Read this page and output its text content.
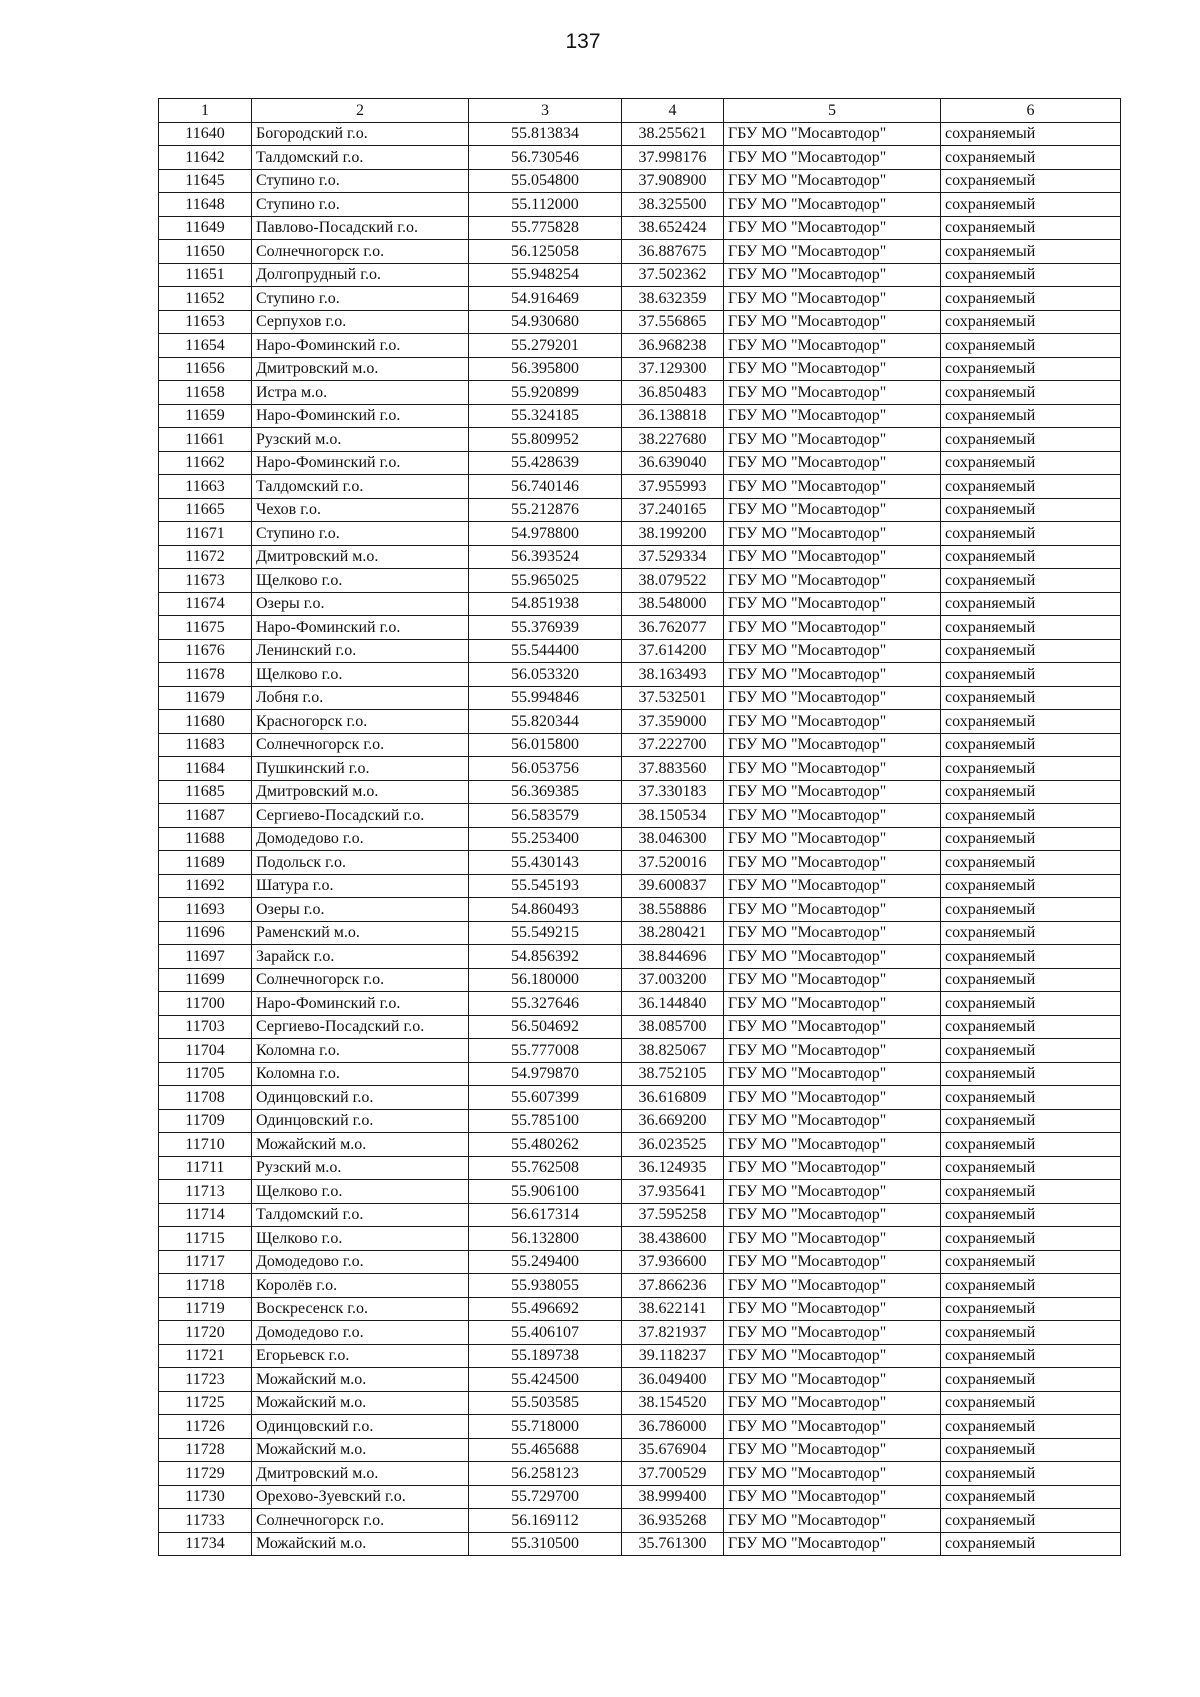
137
1	2	3	4	5	6
11640	Богородский г.о.	55.813834	38.255621	ГБУ МО "Мосавтодор"	сохраняемый
11642	Талдомский г.о.	56.730546	37.998176	ГБУ МО "Мосавтодор"	сохраняемый
11645	Ступино г.о.	55.054800	37.908900	ГБУ МО "Мосавтодор"	сохраняемый
11648	Ступино г.о.	55.112000	38.325500	ГБУ МО "Мосавтодор"	сохраняемый
11649	Павлово-Посадский г.о.	55.775828	38.652424	ГБУ МО "Мосавтодор"	сохраняемый
11650	Солнечногорск г.о.	56.125058	36.887675	ГБУ МО "Мосавтодор"	сохраняемый
11651	Долгопрудный г.о.	55.948254	37.502362	ГБУ МО "Мосавтодор"	сохраняемый
11652	Ступино г.о.	54.916469	38.632359	ГБУ МО "Мосавтодор"	сохраняемый
11653	Серпухов г.о.	54.930680	37.556865	ГБУ МО "Мосавтодор"	сохраняемый
11654	Наро-Фоминский г.о.	55.279201	36.968238	ГБУ МО "Мосавтодор"	сохраняемый
11656	Дмитровский м.о.	56.395800	37.129300	ГБУ МО "Мосавтодор"	сохраняемый
11658	Истра м.о.	55.920899	36.850483	ГБУ МО "Мосавтодор"	сохраняемый
11659	Наро-Фоминский г.о.	55.324185	36.138818	ГБУ МО "Мосавтодор"	сохраняемый
11661	Рузский м.о.	55.809952	38.227680	ГБУ МО "Мосавтодор"	сохраняемый
11662	Наро-Фоминский г.о.	55.428639	36.639040	ГБУ МО "Мосавтодор"	сохраняемый
11663	Талдомский г.о.	56.740146	37.955993	ГБУ МО "Мосавтодор"	сохраняемый
11665	Чехов г.о.	55.212876	37.240165	ГБУ МО "Мосавтодор"	сохраняемый
11671	Ступино г.о.	54.978800	38.199200	ГБУ МО "Мосавтодор"	сохраняемый
11672	Дмитровский м.о.	56.393524	37.529334	ГБУ МО "Мосавтодор"	сохраняемый
11673	Щелково г.о.	55.965025	38.079522	ГБУ МО "Мосавтодор"	сохраняемый
11674	Озеры г.о.	54.851938	38.548000	ГБУ МО "Мосавтодор"	сохраняемый
11675	Наро-Фоминский г.о.	55.376939	36.762077	ГБУ МО "Мосавтодор"	сохраняемый
11676	Ленинский г.о.	55.544400	37.614200	ГБУ МО "Мосавтодор"	сохраняемый
11678	Щелково г.о.	56.053320	38.163493	ГБУ МО "Мосавтодор"	сохраняемый
11679	Лобня г.о.	55.994846	37.532501	ГБУ МО "Мосавтодор"	сохраняемый
11680	Красногорск г.о.	55.820344	37.359000	ГБУ МО "Мосавтодор"	сохраняемый
11683	Солнечногорск г.о.	56.015800	37.222700	ГБУ МО "Мосавтодор"	сохраняемый
11684	Пушкинский г.о.	56.053756	37.883560	ГБУ МО "Мосавтодор"	сохраняемый
11685	Дмитровский м.о.	56.369385	37.330183	ГБУ МО "Мосавтодор"	сохраняемый
11687	Сергиево-Посадский г.о.	56.583579	38.150534	ГБУ МО "Мосавтодор"	сохраняемый
11688	Домодедово г.о.	55.253400	38.046300	ГБУ МО "Мосавтодор"	сохраняемый
11689	Подольск г.о.	55.430143	37.520016	ГБУ МО "Мосавтодор"	сохраняемый
11692	Шатура г.о.	55.545193	39.600837	ГБУ МО "Мосавтодор"	сохраняемый
11693	Озеры г.о.	54.860493	38.558886	ГБУ МО "Мосавтодор"	сохраняемый
11696	Раменский м.о.	55.549215	38.280421	ГБУ МО "Мосавтодор"	сохраняемый
11697	Зарайск г.о.	54.856392	38.844696	ГБУ МО "Мосавтодор"	сохраняемый
11699	Солнечногорск г.о.	56.180000	37.003200	ГБУ МО "Мосавтодор"	сохраняемый
11700	Наро-Фоминский г.о.	55.327646	36.144840	ГБУ МО "Мосавтодор"	сохраняемый
11703	Сергиево-Посадский г.о.	56.504692	38.085700	ГБУ МО "Мосавтодор"	сохраняемый
11704	Коломна г.о.	55.777008	38.825067	ГБУ МО "Мосавтодор"	сохраняемый
11705	Коломна г.о.	54.979870	38.752105	ГБУ МО "Мосавтодор"	сохраняемый
11708	Одинцовский г.о.	55.607399	36.616809	ГБУ МО "Мосавтодор"	сохраняемый
11709	Одинцовский г.о.	55.785100	36.669200	ГБУ МО "Мосавтодор"	сохраняемый
11710	Можайский м.о.	55.480262	36.023525	ГБУ МО "Мосавтодор"	сохраняемый
11711	Рузский м.о.	55.762508	36.124935	ГБУ МО "Мосавтодор"	сохраняемый
11713	Щелково г.о.	55.906100	37.935641	ГБУ МО "Мосавтодор"	сохраняемый
11714	Талдомский г.о.	56.617314	37.595258	ГБУ МО "Мосавтодор"	сохраняемый
11715	Щелково г.о.	56.132800	38.438600	ГБУ МО "Мосавтодор"	сохраняемый
11717	Домодедово г.о.	55.249400	37.936600	ГБУ МО "Мосавтодор"	сохраняемый
11718	Королёв г.о.	55.938055	37.866236	ГБУ МО "Мосавтодор"	сохраняемый
11719	Воскресенск г.о.	55.496692	38.622141	ГБУ МО "Мосавтодор"	сохраняемый
11720	Домодедово г.о.	55.406107	37.821937	ГБУ МО "Мосавтодор"	сохраняемый
11721	Егорьевск г.о.	55.189738	39.118237	ГБУ МО "Мосавтодор"	сохраняемый
11723	Можайский м.о.	55.424500	36.049400	ГБУ МО "Мосавтодор"	сохраняемый
11725	Можайский м.о.	55.503585	38.154520	ГБУ МО "Мосавтодор"	сохраняемый
11726	Одинцовский г.о.	55.718000	36.786000	ГБУ МО "Мосавтодор"	сохраняемый
11728	Можайский м.о.	55.465688	35.676904	ГБУ МО "Мосавтодор"	сохраняемый
11729	Дмитровский м.о.	56.258123	37.700529	ГБУ МО "Мосавтодор"	сохраняемый
11730	Орехово-Зуевский г.о.	55.729700	38.999400	ГБУ МО "Мосавтодор"	сохраняемый
11733	Солнечногорск г.о.	56.169112	36.935268	ГБУ МО "Мосавтодор"	сохраняемый
11734	Можайский м.о.	55.310500	35.761300	ГБУ МО "Мосавтодор"	сохраняемый
